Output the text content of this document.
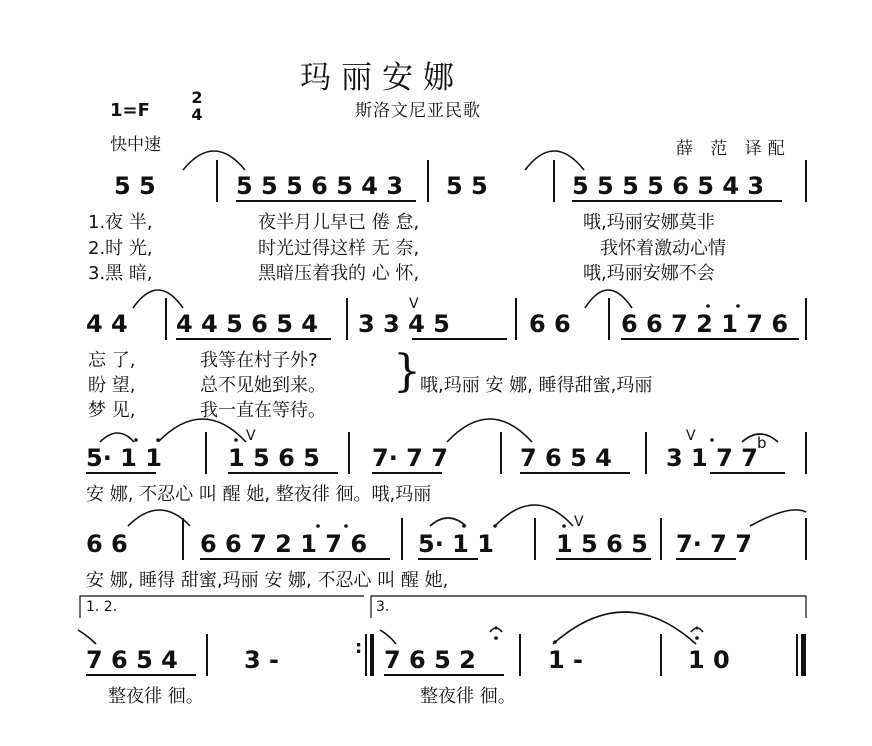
玛丽安娜
斯洛文尼亚民歌
1=F
2
4
快中速	薛 范 译配
5 5	5 5 5 6 5 4 3 5 5	5 5 5 5 6 5 4 3
1.夜 半,	夜半月儿早已 倦 怠,	哦,玛丽安娜莫非
2.时 光,	时光过得这样 无 奈,	我怀着激动心情
3.黑 暗,	黑暗压着我的 心 怀,	哦,玛丽安娜不会
4 4 4 4 5 6 5 4 3 3 4 5
V
6 6 6 6 7 2 1 7 6
忘 了,	我等在村子外?
盼 望,	总不见她到来。
梦 见,	我一直在等待。
} 哦,玛丽 安 娜, 睡得甜蜜,玛丽
5· 1 1	1 5 6 5
V
7· 7 7	7 6 5 4 3 1 7 7
V	b
安 娜, 不忍心 叫 醒 她, 整夜徘 徊。哦,玛丽
6 6	6 6 7 2 1 7 6 5· 1 1	1 5 6 5
V
7· 7 7
安 娜, 睡得 甜蜜,玛丽 安 娜, 不忍心 叫 醒 她,
1. 2.	3.
7 6 5 4	3 -	: 7 6 5 2	1 -	1 0
整夜徘 徊。	整夜徘 徊。
